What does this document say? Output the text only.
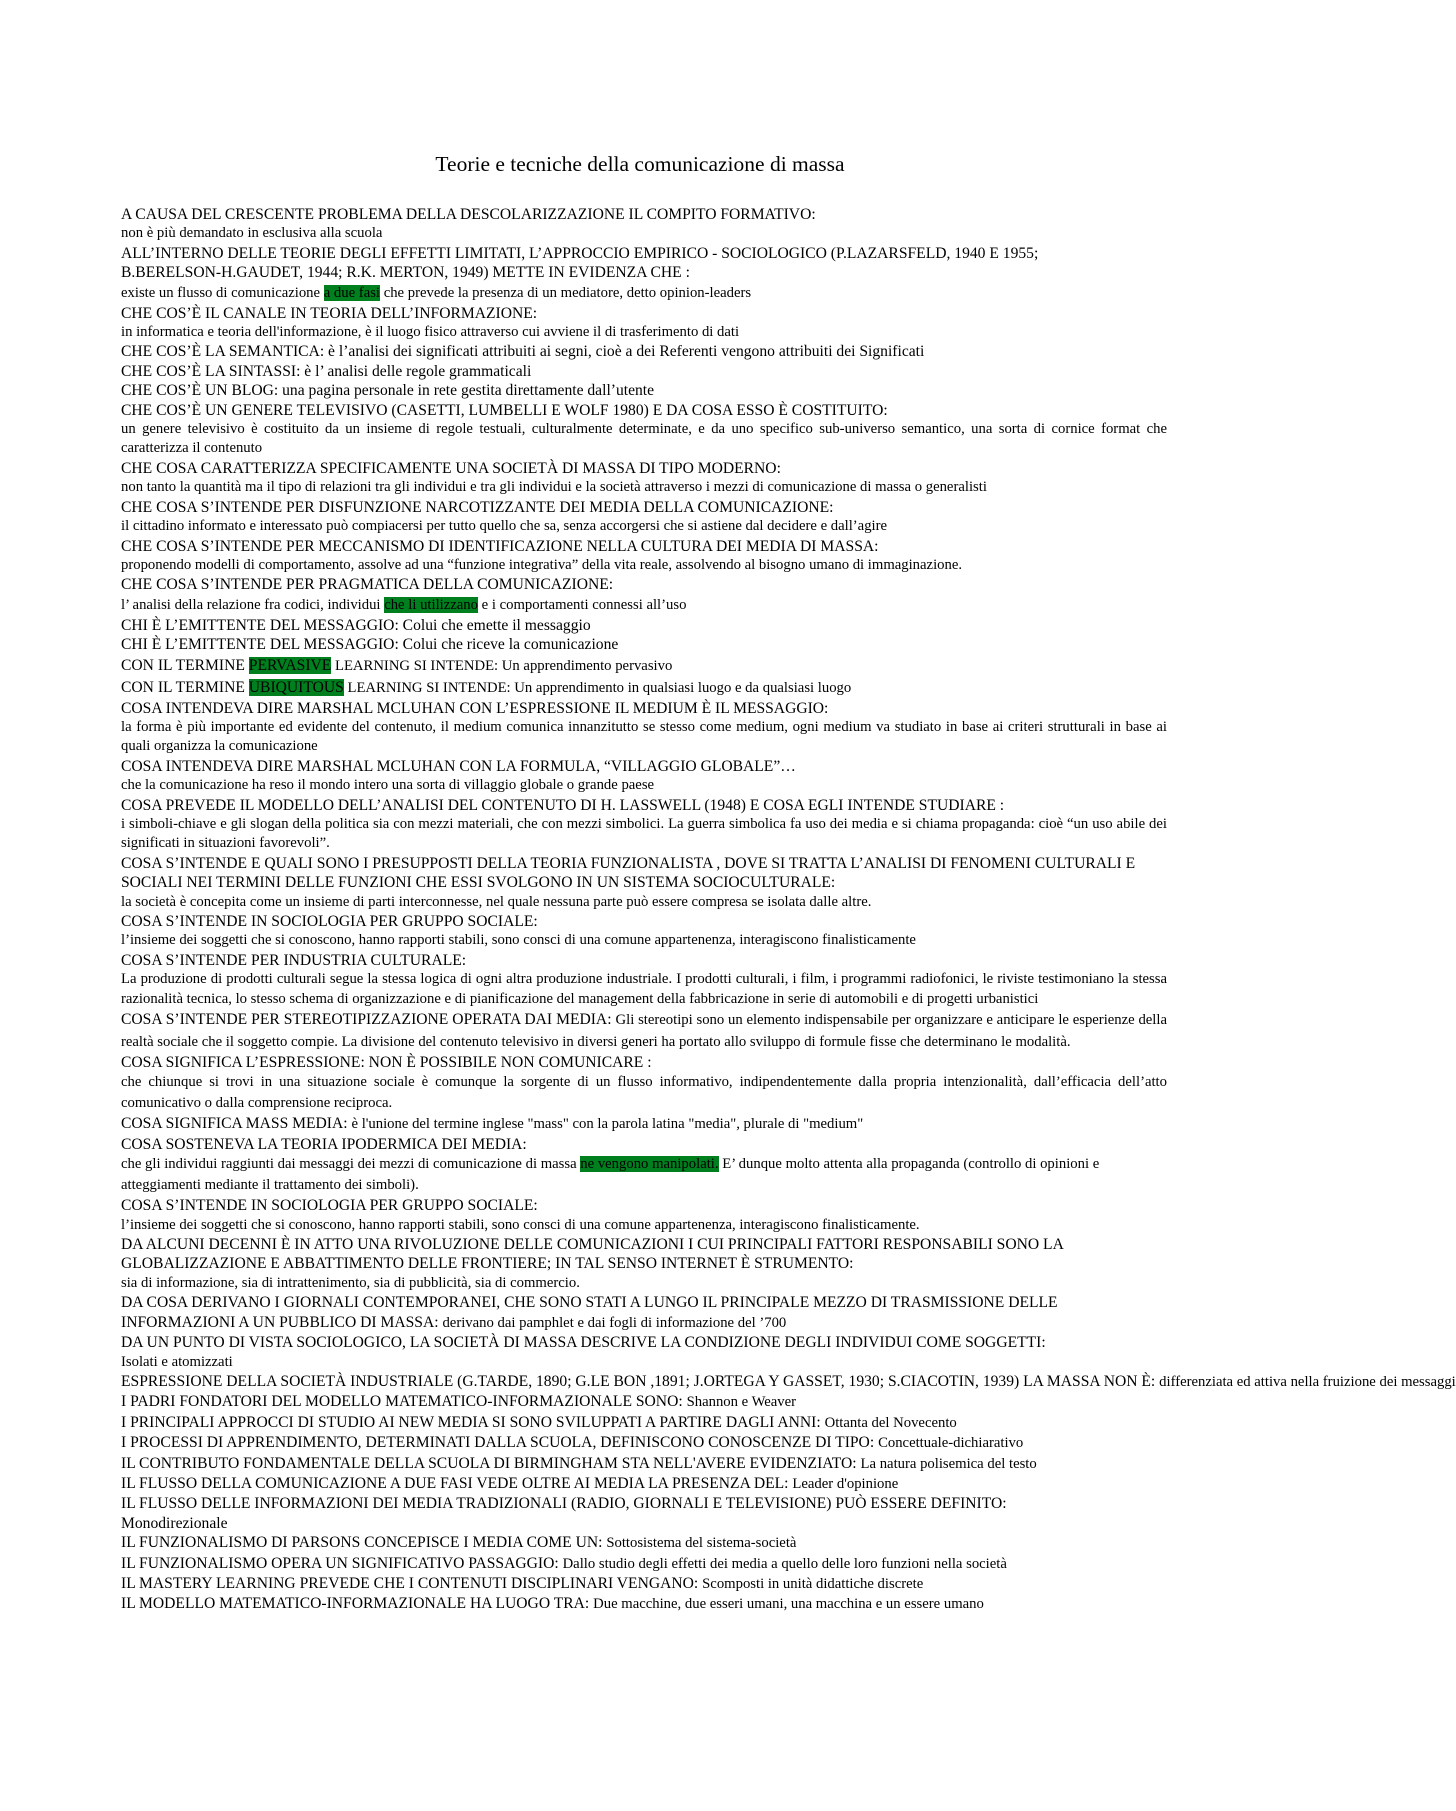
Teorie e tecniche della comunicazione di massa

A CAUSA DEL CRESCENTE PROBLEMA DELLA DESCOLARIZZAZIONE IL COMPITO FORMATIVO:

non è più demandato in esclusiva alla scuola

ALL’INTERNO DELLE TEORIE DEGLI EFFETTI LIMITATI, L’APPROCCIO EMPIRICO - SOCIOLOGICO (P.LAZARSFELD, 1940 E 1955;

B.BERELSON-H.GAUDET, 1944; R.K. MERTON, 1949) METTE IN EVIDENZA CHE :

existe un flusso di comunicazione a due fasi che prevede la presenza di un mediatore, detto opinion-leaders

CHE COS’È IL CANALE IN TEORIA DELL’INFORMAZIONE:

in informatica e teoria dell'informazione, è il luogo fisico attraverso cui avviene il di trasferimento di dati

CHE COS’È LA SEMANTICA: è l’analisi dei significati attribuiti ai segni, cioè a dei Referenti vengono attribuiti dei Significati

CHE COS’È LA SINTASSI: è l’ analisi delle regole grammaticali

CHE COS’È UN BLOG: una pagina personale in rete gestita direttamente dall’utente

CHE COS’È UN GENERE TELEVISIVO (CASETTI, LUMBELLI E WOLF 1980) E DA COSA ESSO È COSTITUITO:

un genere televisivo è costituito da un insieme di regole testuali, culturalmente determinate, e da uno specifico sub-universo semantico, una sorta di cornice format che caratterizza il contenuto

CHE COSA CARATTERIZZA SPECIFICAMENTE UNA SOCIETÀ DI MASSA DI TIPO MODERNO:

non tanto la quantità ma il tipo di relazioni tra gli individui e tra gli individui e la società attraverso i mezzi di comunicazione di massa o generalisti

CHE COSA S’INTENDE PER DISFUNZIONE NARCOTIZZANTE DEI MEDIA DELLA COMUNICAZIONE:

il cittadino informato e interessato può compiacersi per tutto quello che sa, senza accorgersi che si astiene dal decidere e dall’agire

CHE COSA S’INTENDE PER MECCANISMO DI IDENTIFICAZIONE NELLA CULTURA DEI MEDIA DI MASSA:

proponendo modelli di comportamento, assolve ad una “funzione integrativa” della vita reale, assolvendo al bisogno umano di immaginazione.

CHE COSA S’INTENDE PER PRAGMATICA DELLA COMUNICAZIONE:

l’ analisi della relazione fra codici, individui che li utilizzano e i comportamenti connessi all’uso

CHI È L’EMITTENTE DEL MESSAGGIO: Colui che emette il messaggio

CHI È L’EMITTENTE DEL MESSAGGIO: Colui che riceve la comunicazione

CON IL TERMINE PERVASIVE LEARNING SI INTENDE: Un apprendimento pervasivo

CON IL TERMINE UBIQUITOUS LEARNING SI INTENDE: Un apprendimento in qualsiasi luogo e da qualsiasi luogo

COSA INTENDEVA DIRE MARSHAL MCLUHAN CON L’ESPRESSIONE IL MEDIUM È IL MESSAGGIO:

la forma è più importante ed evidente del contenuto, il medium comunica innanzitutto se stesso come medium, ogni medium va studiato in base ai criteri strutturali in base ai quali organizza la comunicazione

COSA INTENDEVA DIRE MARSHAL MCLUHAN CON LA FORMULA, “VILLAGGIO GLOBALE”…

che la comunicazione ha reso il mondo intero una sorta di villaggio globale o grande paese

COSA PREVEDE IL MODELLO DELL’ANALISI DEL CONTENUTO DI H. LASSWELL (1948) E COSA EGLI INTENDE STUDIARE :

i simboli-chiave e gli slogan della politica sia con mezzi materiali, che con mezzi simbolici. La guerra simbolica fa uso dei media e si chiama propaganda: cioè “un uso abile dei significati in situazioni favorevoli”.

COSA S’INTENDE E QUALI SONO I PRESUPPOSTI DELLA TEORIA FUNZIONALISTA , DOVE SI TRATTA L’ANALISI DI FENOMENI CULTURALI E SOCIALI NEI TERMINI DELLE FUNZIONI CHE ESSI SVOLGONO IN UN SISTEMA SOCIOCULTURALE:

la società è concepita come un insieme di parti interconnesse, nel quale nessuna parte può essere compresa se isolata dalle altre.

COSA S’INTENDE IN SOCIOLOGIA PER GRUPPO SOCIALE:

l’insieme dei soggetti che si conoscono, hanno rapporti stabili, sono consci di una comune appartenenza, interagiscono finalisticamente

COSA S’INTENDE PER INDUSTRIA CULTURALE:

La produzione di prodotti culturali segue la stessa logica di ogni altra produzione industriale. I prodotti culturali, i film, i programmi radiofonici, le riviste testimoniano la stessa razionalità tecnica, lo stesso schema di organizzazione e di pianificazione del management della fabbricazione in serie di automobili e di progetti urbanistici

COSA S’INTENDE PER STEREOTIPIZZAZIONE OPERATA DAI MEDIA: Gli stereotipi sono un elemento indispensabile per organizzare e anticipare le esperienze della realtà sociale che il soggetto compie. La divisione del contenuto televisivo in diversi generi ha portato allo sviluppo di formule fisse che determinano le modalità.

COSA SIGNIFICA L’ESPRESSIONE: NON È POSSIBILE NON COMUNICARE :

che chiunque si trovi in una situazione sociale è comunque la sorgente di un flusso informativo, indipendentemente dalla propria intenzionalità, dall’efficacia dell’atto comunicativo o dalla comprensione reciproca.

COSA SIGNIFICA MASS MEDIA: è l'unione del termine inglese "mass" con la parola latina "media", plurale di "medium"

COSA SOSTENEVA LA TEORIA IPODERMICA DEI MEDIA:

che gli individui raggiunti dai messaggi dei mezzi di comunicazione di massa ne vengono manipolati. E’ dunque molto attenta alla propaganda (controllo di opinioni e atteggiamenti mediante il trattamento dei simboli).

COSA S’INTENDE IN SOCIOLOGIA PER GRUPPO SOCIALE:

l’insieme dei soggetti che si conoscono, hanno rapporti stabili, sono consci di una comune appartenenza, interagiscono finalisticamente.

DA ALCUNI DECENNI È IN ATTO UNA RIVOLUZIONE DELLE COMUNICAZIONI I CUI PRINCIPALI FATTORI RESPONSABILI SONO LA GLOBALIZZAZIONE E ABBATTIMENTO DELLE FRONTIERE; IN TAL SENSO INTERNET È STRUMENTO:

sia di informazione, sia di intrattenimento, sia di pubblicità, sia di commercio.

DA COSA DERIVANO I GIORNALI CONTEMPORANEI, CHE SONO STATI A LUNGO IL PRINCIPALE MEZZO DI TRASMISSIONE DELLE INFORMAZIONI A UN PUBBLICO DI MASSA: derivano dai pamphlet e dai fogli di informazione del ’700

DA UN PUNTO DI VISTA SOCIOLOGICO, LA SOCIETÀ DI MASSA DESCRIVE LA CONDIZIONE DEGLI INDIVIDUI COME SOGGETTI:

Isolati e atomizzati

ESPRESSIONE DELLA SOCIETÀ INDUSTRIALE (G.TARDE, 1890; G.LE BON ,1891; J.ORTEGA Y GASSET, 1930; S.CIACOTIN, 1939) LA MASSA NON È: differenziata ed attiva nella fruizione dei messaggi

I PADRI FONDATORI DEL MODELLO MATEMATICO-INFORMAZIONALE SONO: Shannon e Weaver

I PRINCIPALI APPROCCI DI STUDIO AI NEW MEDIA SI SONO SVILUPPATI A PARTIRE DAGLI ANNI: Ottanta del Novecento

I PROCESSI DI APPRENDIMENTO, DETERMINATI DALLA SCUOLA, DEFINISCONO CONOSCENZE DI TIPO: Concettuale-dichiarativo

IL CONTRIBUTO FONDAMENTALE DELLA SCUOLA DI BIRMINGHAM STA NELL'AVERE EVIDENZIATO: La natura polisemica del testo

IL FLUSSO DELLA COMUNICAZIONE A DUE FASI VEDE OLTRE AI MEDIA LA PRESENZA DEL: Leader d'opinione

IL FLUSSO DELLE INFORMAZIONI DEI MEDIA TRADIZIONALI (RADIO, GIORNALI E TELEVISIONE) PUÒ ESSERE DEFINITO:

Monodirezionale

IL FUNZIONALISMO DI PARSONS CONCEPISCE I MEDIA COME UN: Sottosistema del sistema-società

IL FUNZIONALISMO OPERA UN SIGNIFICATIVO PASSAGGIO: Dallo studio degli effetti dei media a quello delle loro funzioni nella società

IL MASTERY LEARNING PREVEDE CHE I CONTENUTI DISCIPLINARI VENGANO: Scomposti in unità didattiche discrete

IL MODELLO MATEMATICO-INFORMAZIONALE HA LUOGO TRA: Due macchine, due esseri umani, una macchina e un essere umano
